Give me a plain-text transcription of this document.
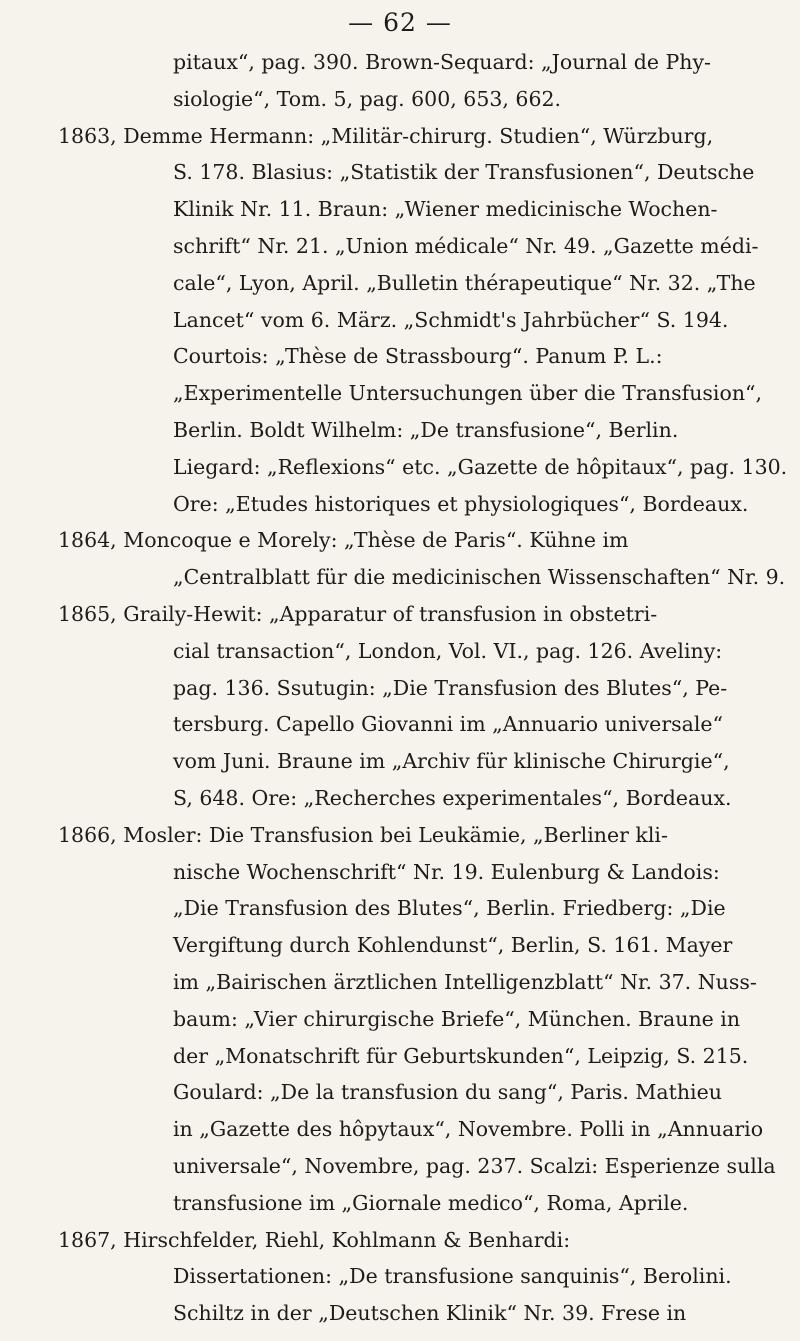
— 62 —
pitaux“, pag. 390. Brown-Sequard: „Journal de Phy-
siologie“, Tom. 5, pag. 600, 653, 662.
1863, Demme Hermann: „Militär-chirurg. Studien“, Würzburg,
S. 178. Blasius: „Statistik der Transfusionen“, Deutsche
Klinik Nr. 11. Braun: „Wiener medicinische Wochen-
schrift“ Nr. 21. „Union médicale“ Nr. 49. „Gazette médi-
cale“, Lyon, April. „Bulletin thérapeutique“ Nr. 32. „The
Lancet“ vom 6. März. „Schmidt's Jahrbücher“ S. 194.
Courtois: „Thèse de Strassbourg“. Panum P. L.:
„Experimentelle Untersuchungen über die Transfusion“,
Berlin. Boldt Wilhelm: „De transfusione“, Berlin.
Liegard: „Reflexions“ etc. „Gazette de hôpitaux“, pag. 130.
Ore: „Etudes historiques et physiologiques“, Bordeaux.
1864, Moncoque e Morely: „Thèse de Paris“. Kühne im
„Centralblatt für die medicinischen Wissenschaften“ Nr. 9.
1865, Graily-Hewit: „Apparatur of transfusion in obstetri-
cial transaction“, London, Vol. VI., pag. 126. Aveliny:
pag. 136. Ssutugin: „Die Transfusion des Blutes“, Pe-
tersburg. Capello Giovanni im „Annuario universale“
vom Juni. Braune im „Archiv für klinische Chirurgie“,
S, 648. Ore: „Recherches experimentales“, Bordeaux.
1866, Mosler: Die Transfusion bei Leukämie, „Berliner kli-
nische Wochenschrift“ Nr. 19. Eulenburg & Landois:
„Die Transfusion des Blutes“, Berlin. Friedberg: „Die
Vergiftung durch Kohlendunst“, Berlin, S. 161. Mayer
im „Bairischen ärztlichen Intelligenzblatt“ Nr. 37. Nuss-
baum: „Vier chirurgische Briefe“, München. Braune in
der „Monatschrift für Geburtskunden“, Leipzig, S. 215.
Goulard: „De la transfusion du sang“, Paris. Mathieu
in „Gazette des hôpytaux“, Novembre. Polli in „Annuario
universale“, Novembre, pag. 237. Scalzi: Esperienze sulla
transfusione im „Giornale medico“, Roma, Aprile.
1867, Hirschfelder, Riehl, Kohlmann & Benhardi:
Dissertationen: „De transfusione sanquinis“, Berolini.
Schiltz in der „Deutschen Klinik“ Nr. 39. Frese in
